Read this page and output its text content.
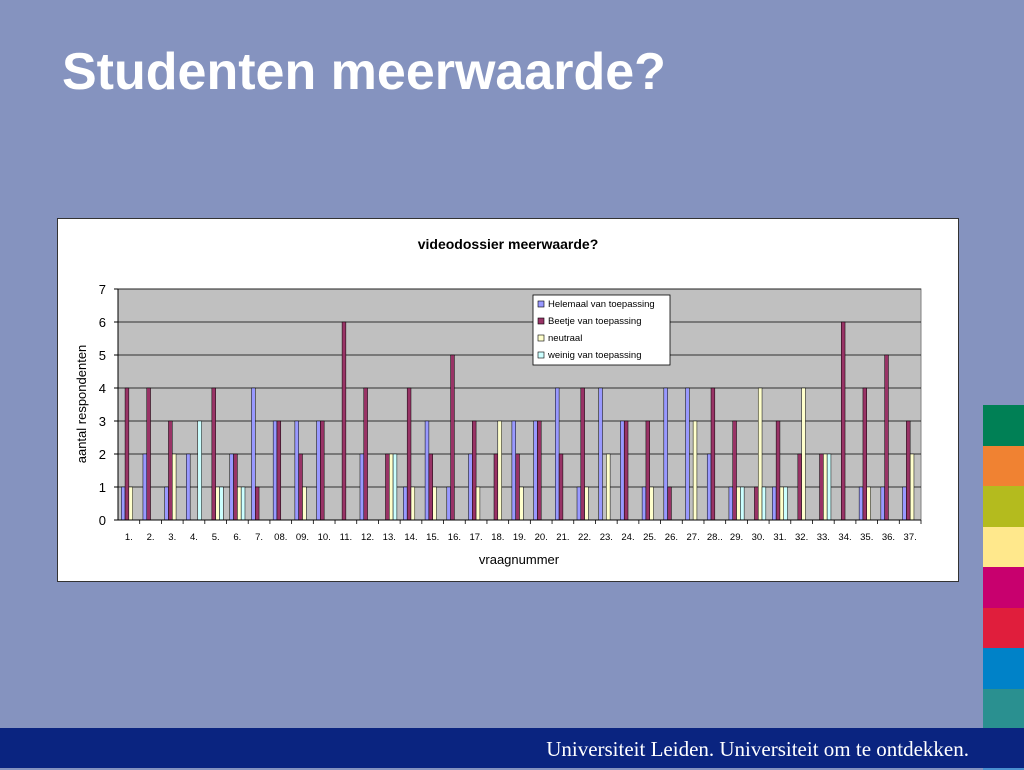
Studenten meerwaarde?
videodossier meerwaarde?
0
1
2
3
4
5
6
7
1. 2. 3. 4. 5. 6. 7. 08. 09. 10. 11. 12. 13. 14. 15. 16. 17. 18. 19. 20. 21. 22. 23. 24. 25. 26. 27. 28.. 29. 30. 31. 32. 33. 34. 35. 36. 37.
vraagnummer
aantal respondenten
Helemaal van toepassing
Beetje van toepassing
neutraal
weinig van toepassing
Universiteit Leiden. Universiteit om te ontdekken.
